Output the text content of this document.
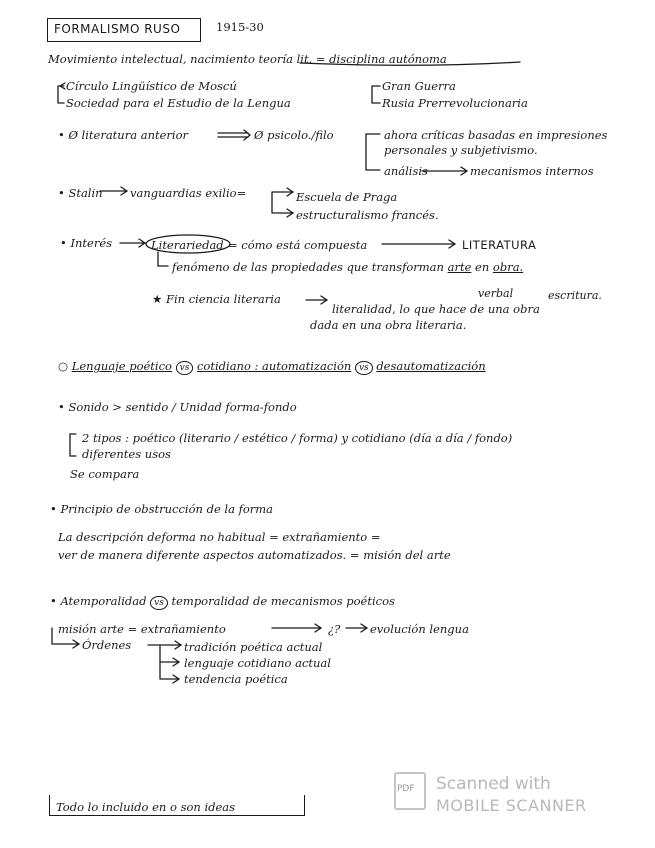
FORMALISMO RUSO	1915-30
Movimiento intelectual, nacimiento teoría lit. = disciplina autónoma
Círculo Lingüístico de Moscú
Sociedad para el Estudio de la Lengua
Gran Guerra
Rusia Prerrevolucionaria
• Ø literatura anterior	Ø psicolo./filo	ahora críticas basadas en impresiones
personales y subjetivismo.
análisis	mecanismos internos
• Stalin vanguardias exilio=	Escuela de Praga
estructuralismo francés.
• Interés	Literariedad = cómo está compuesta	LITERATURA
fenómeno de las propiedades que transforman arte en obra.
verbal	escritura.
★ Fin ciencia literaria
literalidad, lo que hace de una obra
dada en una obra literaria.
○ Lenguaje poético vs cotidiano : automatización vs desautomatización
• Sonido > sentido / Unidad forma-fondo
2 tipos : poético (literario / estético / forma) y cotidiano (día a día / fondo)
diferentes usos
Se compara
• Principio de obstrucción de la forma
La descripción deforma no habitual = extrañamiento =
ver de manera diferente aspectos automatizados. = misión del arte
• Atemporalidad vs temporalidad de mecanismos poéticos
misión arte = extrañamiento	¿?	evolución lengua
Órdenes	tradición poética actual
lenguaje cotidiano actual
tendencia poética
Todo lo incluido en o son ideas
PDF Scanned with
MOBILE SCANNER
